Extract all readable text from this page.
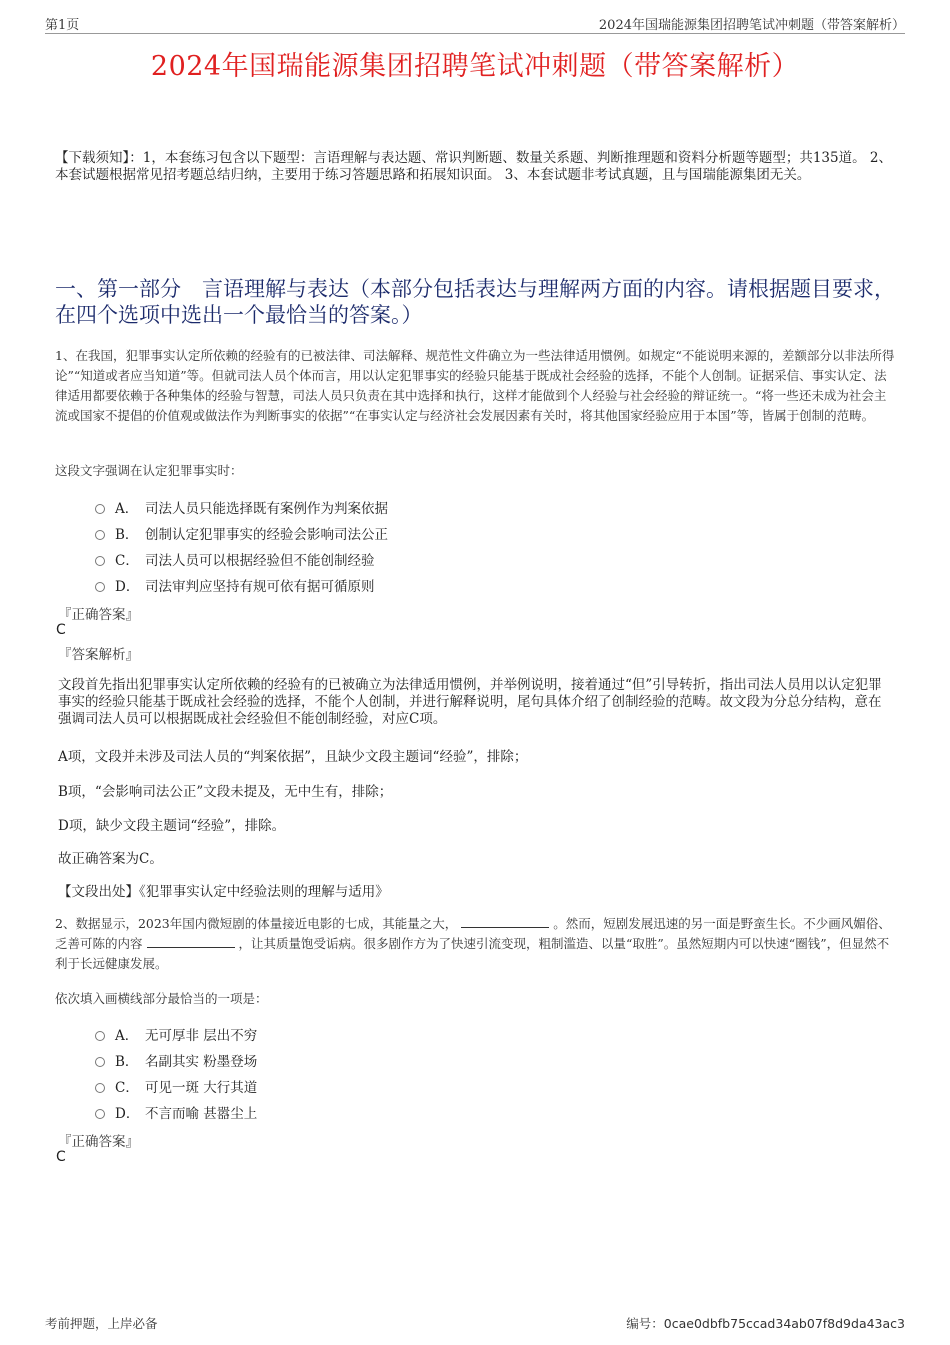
第1页	2024年国瑞能源集团招聘笔试冲刺题（带答案解析）
2024年国瑞能源集团招聘笔试冲刺题（带答案解析）
【下载须知】：1，本套练习包含以下题型：言语理解与表达题、常识判断题、数量关系题、判断推理题和资料分析题等题型；共135道。 2、本套试题根据常见招考题总结归纳，主要用于练习答题思路和拓展知识面。 3、本套试题非考试真题，且与国瑞能源集团无关。
一、第一部分　言语理解与表达（本部分包括表达与理解两方面的内容。请根据题目要求，在四个选项中选出一个最恰当的答案。）
1、在我国，犯罪事实认定所依赖的经验有的已被法律、司法解释、规范性文件确立为一些法律适用惯例。如规定“不能说明来源的，差额部分以非法所得论”“知道或者应当知道”等。但就司法人员个体而言，用以认定犯罪事实的经验只能基于既成社会经验的选择，不能个人创制。证据采信、事实认定、法律适用都要依赖于各种集体的经验与智慧，司法人员只负责在其中选择和执行，这样才能做到个人经验与社会经验的辩证统一。“将一些还未成为社会主流或国家不提倡的价值观或做法作为判断事实的依据”“在事实认定与经济社会发展因素有关时，将其他国家经验应用于本国”等，皆属于创制的范畴。
这段文字强调在认定犯罪事实时：
A． 司法人员只能选择既有案例作为判案依据
B． 创制认定犯罪事实的经验会影响司法公正
C． 司法人员可以根据经验但不能创制经验
D． 司法审判应坚持有规可依有据可循原则
『正确答案』
C
『答案解析』
文段首先指出犯罪事实认定所依赖的经验有的已被确立为法律适用惯例，并举例说明，接着通过“但”引导转折，指出司法人员用以认定犯罪事实的经验只能基于既成社会经验的选择，不能个人创制，并进行解释说明，尾句具体介绍了创制经验的范畴。故文段为分总分结构，意在强调司法人员可以根据既成社会经验但不能创制经验，对应C项。
A项，文段并未涉及司法人员的“判案依据”，且缺少文段主题词“经验”，排除；
B项，“会影响司法公正”文段未提及，无中生有，排除；
D项，缺少文段主题词“经验”，排除。
故正确答案为C。
【文段出处】《犯罪事实认定中经验法则的理解与适用》
2、数据显示，2023年国内微短剧的体量接近电影的七成，其能量之大，	。然而，短剧发展迅速的另一面是野蛮生长。不少画风媚俗、乏善可陈的内容	，让其质量饱受诟病。很多剧作方为了快速引流变现，粗制滥造、以量“取胜”。虽然短期内可以快速“圈钱”，但显然不利于长远健康发展。
依次填入画横线部分最恰当的一项是：
A． 无可厚非 层出不穷
B． 名副其实 粉墨登场
C． 可见一斑 大行其道
D． 不言而喻 甚嚣尘上
『正确答案』
C
考前押题，上岸必备	编号：0cae0dbfb75ccad34ab07f8d9da43ac3
